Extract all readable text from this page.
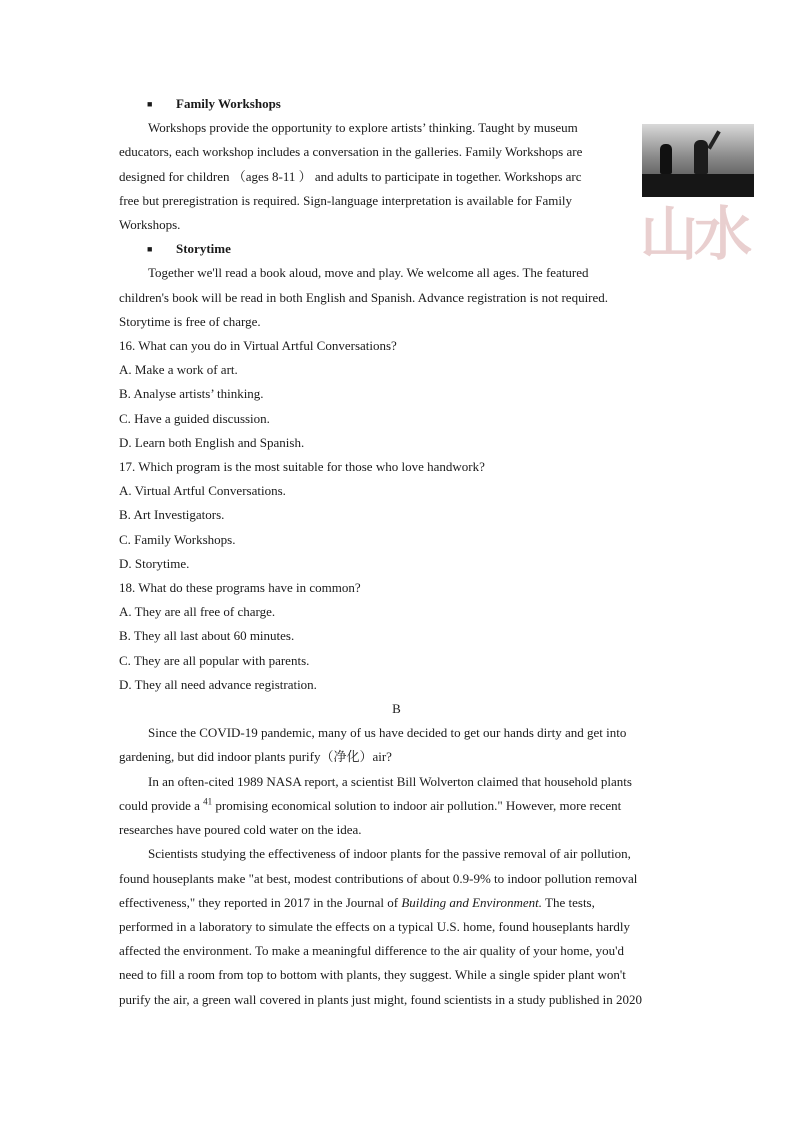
山水

■ Family Workshops

Workshops provide the opportunity to explore artists’ thinking. Taught by museum

educators, each workshop includes a conversation in the galleries. Family Workshops are

designed for children （ages 8-11 ） and adults to participate in together. Workshops arc

free but preregistration is required. Sign-language interpretation is available for Family

Workshops.

■ Storytime

Together we'll read a book aloud, move and play. We welcome all ages. The featured

children's book will be read in both English and Spanish. Advance registration is not required.

Storytime is free of charge.

16. What can you do in Virtual Artful Conversations?

A. Make a work of art.

B. Analyse artists’ thinking.

C. Have a guided discussion.

D. Learn both English and Spanish.

17. Which program is the most suitable for those who love handwork?

A. Virtual Artful Conversations.

B. Art Investigators.

C. Family Workshops.

D. Storytime.

18. What do these programs have in common?

A. They are all free of charge.

B. They all last about 60 minutes.

C. They are all popular with parents.

D. They all need advance registration.

B

Since the COVID-19 pandemic, many of us have decided to get our hands dirty and get into

gardening, but did indoor plants purify（净化）air?

In an often-cited 1989 NASA report, a scientist Bill Wolverton claimed that household plants

could provide a $^{41}$ promising economical solution to indoor air pollution." However, more recent

researches have poured cold water on the idea.

Scientists studying the effectiveness of indoor plants for the passive removal of air pollution,

found houseplants make "at best, modest contributions of about 0.9-9% to indoor pollution removal

effectiveness," they reported in 2017 in the Journal of Building and Environment. The tests,

performed in a laboratory to simulate the effects on a typical U.S. home, found houseplants hardly

affected the environment. To make a meaningful difference to the air quality of your home, you'd

need to fill a room from top to bottom with plants, they suggest. While a single spider plant won't

purify the air, a green wall covered in plants just might, found scientists in a study published in 2020
